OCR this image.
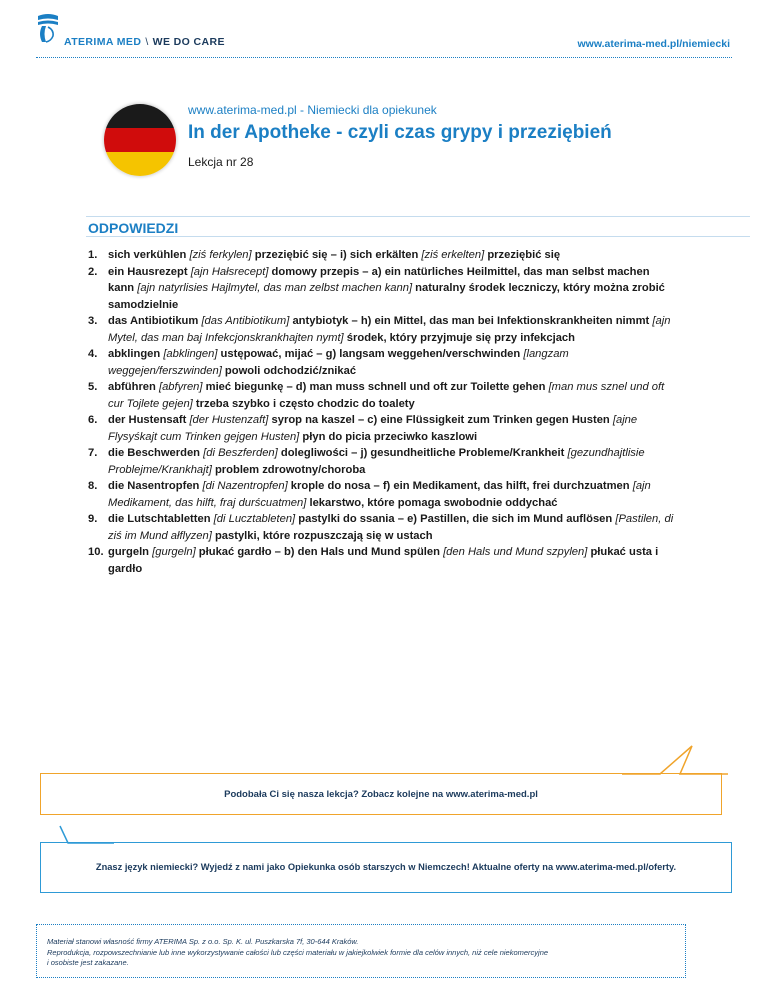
ATERIMA MED \ WE DO CARE	www.aterima-med.pl/niemiecki
www.aterima-med.pl - Niemiecki dla opiekunek
In der Apotheke - czyli czas grypy i przeziębień
Lekcja nr 28
ODPOWIEDZI
1. sich verkühlen [ziś ferkylen] przeziębić się – i) sich erkälten [ziś erkelten] przeziębić się
2. ein Hausrezept [ajn Hałsrecept] domowy przepis – a) ein natürliches Heilmittel, das man selbst machen kann [ajn natyrlisies Hajlmytel, das man zelbst machen kann] naturalny środek leczniczy, który można zrobić samodzielnie
3. das Antibiotikum [das Antibiotikum] antybiotyk – h) ein Mittel, das man bei Infektionskrankheiten nimmt [ajn Mytel, das man baj Infekcjonskrankhajten nymt] środek, który przyjmuje się przy infekcjach
4. abklingen [abklingen] ustępować, mijać – g) langsam weggehen/verschwinden [langzam weggejen/ferszwinden] powoli odchodzić/znikać
5. abführen [abfyren] mieć biegunkę – d) man muss schnell und oft zur Toilette gehen [man mus sznel und oft cur Tojlete gejen] trzeba szybko i często chodzic do toalety
6. der Hustensaft [der Hustenzaft] syrop na kaszel – c) eine Flüssigkeit zum Trinken gegen Husten [ajne Flysyśkajt cum Trinken gejgen Husten] płyn do picia przeciwko kaszlowi
7. die Beschwerden [di Beszferden] dolegliwości – j) gesundheitliche Probleme/Krankheit [gezundhajtlisie Problejme/Krankhajt] problem zdrowotny/choroba
8. die Nasentropfen [di Nazentropfen] krople do nosa – f) ein Medikament, das hilft, frei durchzuatmen [ajn Medikament, das hilft, fraj durścuatmen] lekarstwo, które pomaga swobodnie oddychać
9. die Lutschtabletten [di Lucztableten] pastylki do ssania – e) Pastillen, die sich im Mund auflösen [Pastilen, di ziś im Mund ałflyzen] pastylki, które rozpuszczają się w ustach
10. gurgeln [gurgeln] płukać gardło – b) den Hals und Mund spülen [den Hals und Mund szpylen] płukać usta i gardło
Podobała Ci się nasza lekcja? Zobacz kolejne na www.aterima-med.pl
Znasz język niemiecki? Wyjedź z nami jako Opiekunka osób starszych w Niemczech! Aktualne oferty na www.aterima-med.pl/oferty.

Materiał stanowi własność firmy ATERIMA Sp. z o.o. Sp. K. ul. Puszkarska 7f, 30-644 Kraków.

Reprodukcja, rozpowszechnianie lub inne wykorzystywanie całości lub części materiału w jakiejkolwiek formie dla celów innych, niż cele niekomercyjne

i osobiste jest zakazane.
